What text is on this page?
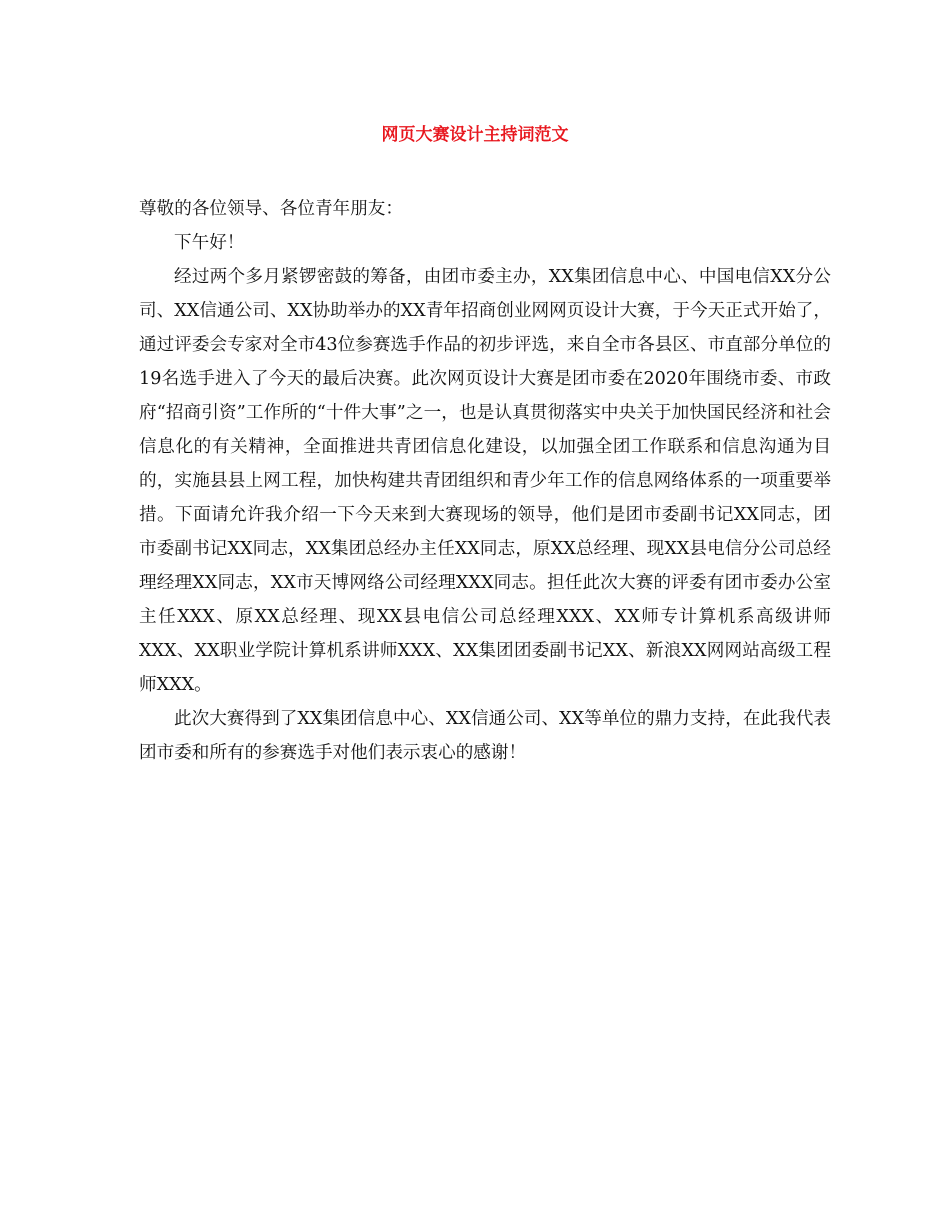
网页大赛设计主持词范文

尊敬的各位领导、各位青年朋友：

下午好！

经过两个多月紧锣密鼓的筹备，由团市委主办，XX集团信息中心、中国电信XX分公司、XX信通公司、XX协助举办的XX青年招商创业网网页设计大赛，于今天正式开始了，通过评委会专家对全市43位参赛选手作品的初步评选，来自全市各县区、市直部分单位的19名选手进入了今天的最后决赛。此次网页设计大赛是团市委在2020年围绕市委、市政府“招商引资”工作所的“十件大事”之一，也是认真贯彻落实中央关于加快国民经济和社会信息化的有关精神，全面推进共青团信息化建设，以加强全团工作联系和信息沟通为目的，实施县县上网工程，加快构建共青团组织和青少年工作的信息网络体系的一项重要举措。下面请允许我介绍一下今天来到大赛现场的领导，他们是团市委副书记XX同志，团市委副书记XX同志，XX集团总经办主任XX同志，原XX总经理、现XX县电信分公司总经理经理XX同志，XX市天博网络公司经理XXX同志。担任此次大赛的评委有团市委办公室主任XXX、原XX总经理、现XX县电信公司总经理XXX、XX师专计算机系高级讲师XXX、XX职业学院计算机系讲师XXX、XX集团团委副书记XX、新浪XX网网站高级工程师XXX。

此次大赛得到了XX集团信息中心、XX信通公司、XX等单位的鼎力支持，在此我代表团市委和所有的参赛选手对他们表示衷心的感谢！
